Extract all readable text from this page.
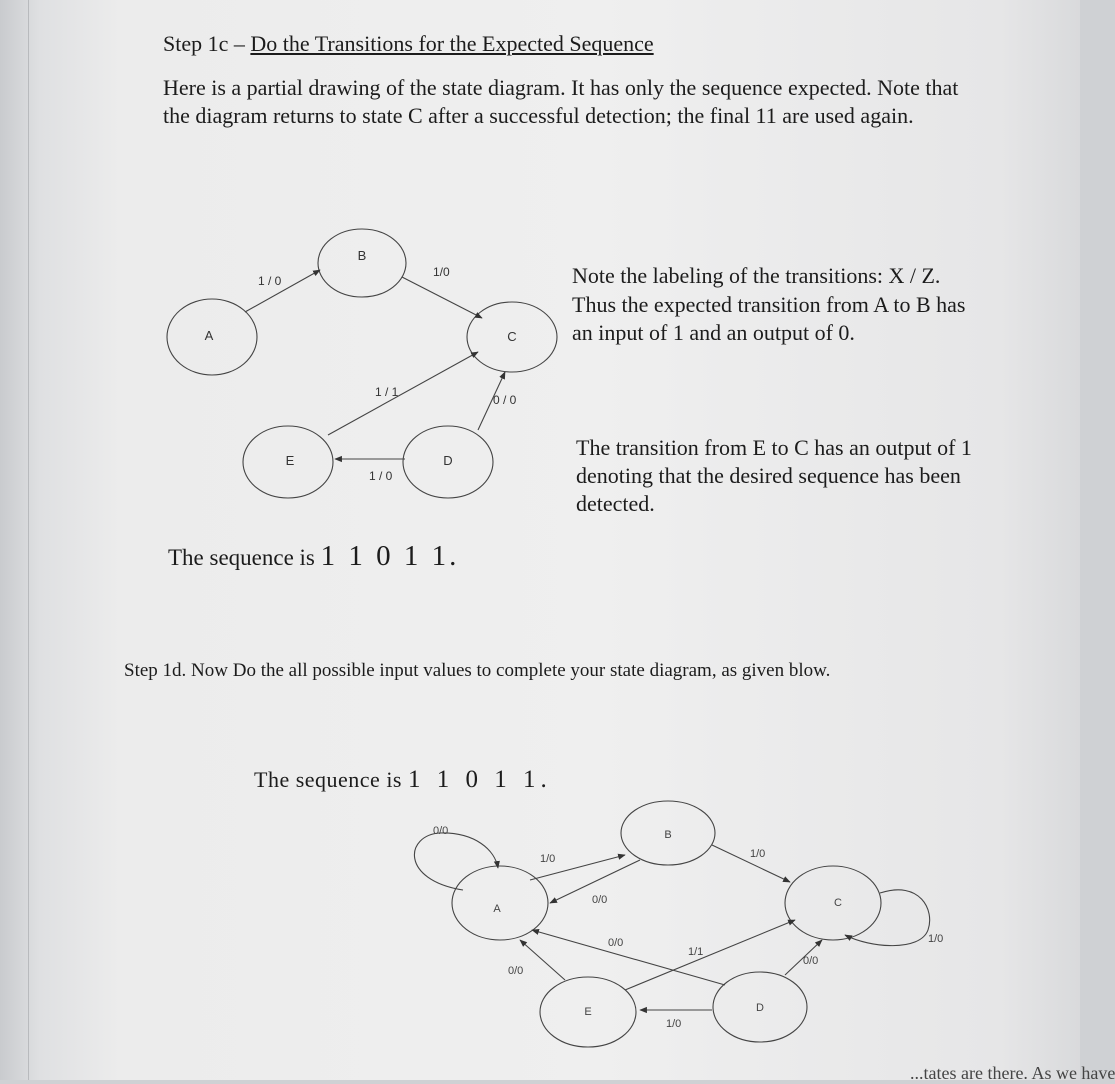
Step 1c – Do the Transitions for the Expected Sequence
Here is a partial drawing of the state diagram. It has only the sequence expected. Note that the diagram returns to state C after a successful detection; the final 11 are used again.
B
A	C
D
E
1 / 0
1/0
0 / 0
1 / 0
1 / 1
B
A	C
D
E
0/0
1/0
0/0
1/0
1/0
0/0
0/0
1/0
0/0
1/1
Note the labeling of the transitions: X / Z. Thus the expected transition from A to B has an input of 1 and an output of 0.
The transition from E to C has an output of 1 denoting that the desired sequence has been detected.
The sequence is 1 1 0 1 1.
Step 1d. Now Do the all possible input values to complete your state diagram, as given blow.
The sequence is 1 1 0 1 1.
...tates are there. As we have
